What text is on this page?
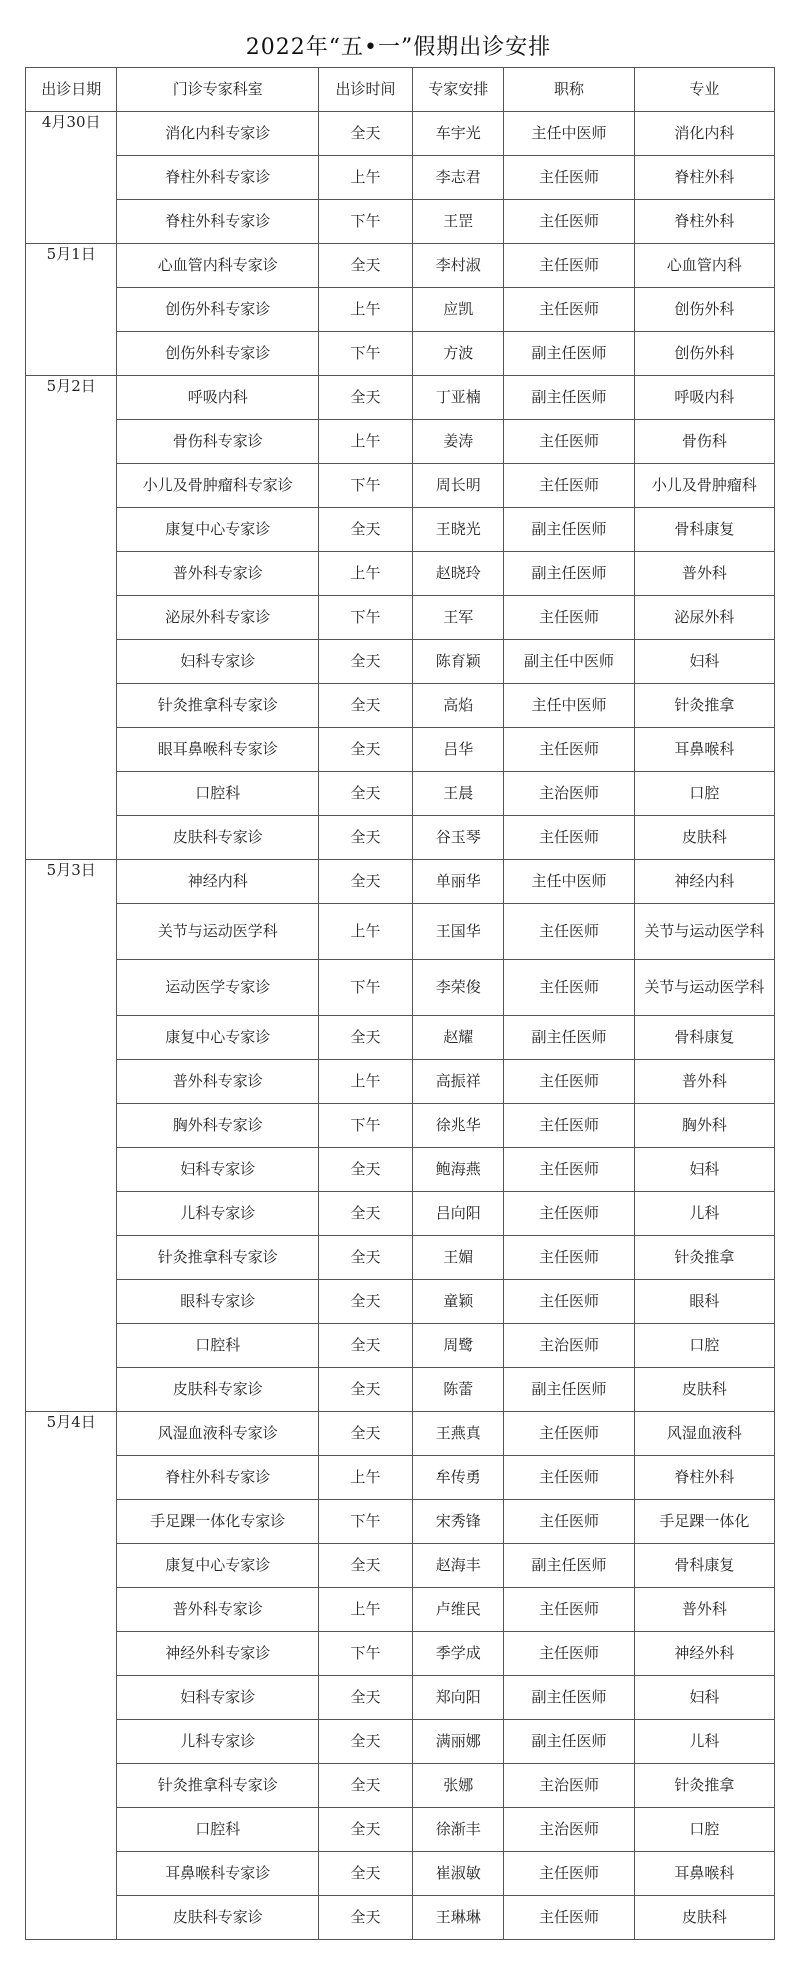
2022年“五•一”假期出诊安排
出诊日期	门诊专家科室	出诊时间	专家安排	职称	专业
4月30日	消化内科专家诊	全天	车宇光	主任中医师	消化内科
	脊柱外科专家诊	上午	李志君	主任医师	脊柱外科
	脊柱外科专家诊	下午	王罡	主任医师	脊柱外科
5月1日	心血管内科专家诊	全天	李村淑	主任医师	心血管内科
	创伤外科专家诊	上午	应凯	主任医师	创伤外科
	创伤外科专家诊	下午	方波	副主任医师	创伤外科
5月2日	呼吸内科	全天	丁亚楠	副主任医师	呼吸内科
	骨伤科专家诊	上午	姜涛	主任医师	骨伤科
	小儿及骨肿瘤科专家诊	下午	周长明	主任医师	小儿及骨肿瘤科
	康复中心专家诊	全天	王晓光	副主任医师	骨科康复
	普外科专家诊	上午	赵晓玲	副主任医师	普外科
	泌尿外科专家诊	下午	王军	主任医师	泌尿外科
	妇科专家诊	全天	陈育颖	副主任中医师	妇科
	针灸推拿科专家诊	全天	高焰	主任中医师	针灸推拿
	眼耳鼻喉科专家诊	全天	吕华	主任医师	耳鼻喉科
	口腔科	全天	王晨	主治医师	口腔
	皮肤科专家诊	全天	谷玉琴	主任医师	皮肤科
5月3日	神经内科	全天	单丽华	主任中医师	神经内科
	关节与运动医学科	上午	王国华	主任医师	关节与运动医学科
	运动医学专家诊	下午	李荣俊	主任医师	关节与运动医学科
	康复中心专家诊	全天	赵耀	副主任医师	骨科康复
	普外科专家诊	上午	高振祥	主任医师	普外科
	胸外科专家诊	下午	徐兆华	主任医师	胸外科
	妇科专家诊	全天	鲍海燕	主任医师	妇科
	儿科专家诊	全天	吕向阳	主任医师	儿科
	针灸推拿科专家诊	全天	王媚	主任医师	针灸推拿
	眼科专家诊	全天	童颖	主任医师	眼科
	口腔科	全天	周鹭	主治医师	口腔
	皮肤科专家诊	全天	陈蕾	副主任医师	皮肤科
5月4日	风湿血液科专家诊	全天	王燕真	主任医师	风湿血液科
	脊柱外科专家诊	上午	牟传勇	主任医师	脊柱外科
	手足踝一体化专家诊	下午	宋秀锋	主任医师	手足踝一体化
	康复中心专家诊	全天	赵海丰	副主任医师	骨科康复
	普外科专家诊	上午	卢维民	主任医师	普外科
	神经外科专家诊	下午	季学成	主任医师	神经外科
	妇科专家诊	全天	郑向阳	副主任医师	妇科
	儿科专家诊	全天	满丽娜	副主任医师	儿科
	针灸推拿科专家诊	全天	张娜	主治医师	针灸推拿
	口腔科	全天	徐渐丰	主治医师	口腔
	耳鼻喉科专家诊	全天	崔淑敏	主任医师	耳鼻喉科
	皮肤科专家诊	全天	王琳琳	主任医师	皮肤科
